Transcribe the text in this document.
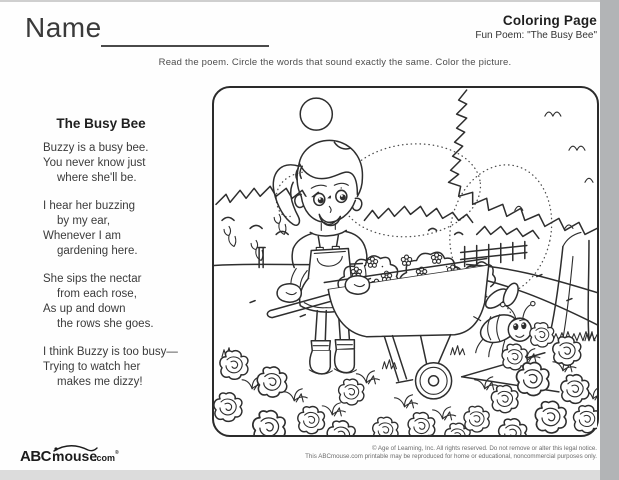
Name	Coloring Page
Fun Poem: "The Busy Bee"
Read the poem. Circle the words that sound exactly the same. Color the picture.
The Busy Bee
Buzzy is a busy bee.
You never know just
where she'll be.
I hear her buzzing
by my ear,
Whenever I am
gardening here.
She sips the nectar
from each rose,
As up and down
the rows she goes.
I think Buzzy is too busy—
Trying to watch her
makes me dizzy!
ABC mouse
.com ®
© Age of Learning, Inc. All rights reserved. Do not remove or alter this legal notice.
This ABCmouse.com printable may be reproduced for home or educational, noncommercial purposes only.
